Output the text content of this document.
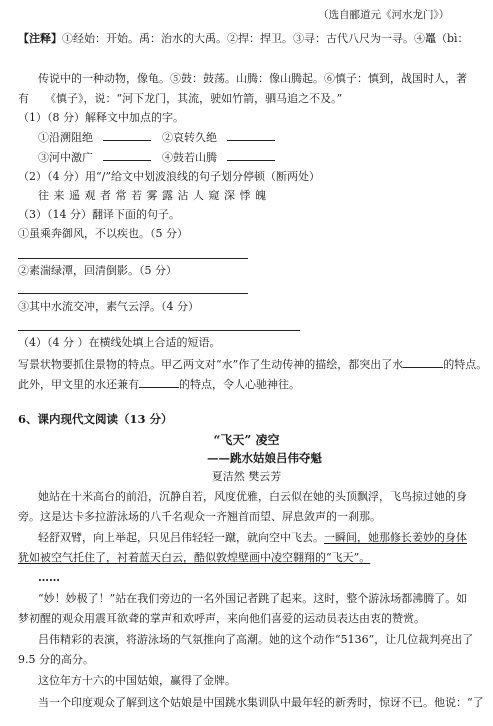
（选自郦道元《河水龙门》）
【注释】①经始：开始。禹：治水的大禹。②捍：捍卫。③寻：古代八尺为一寻。④鼉（bì：
传说中的一种动物，像龟。⑤鼓：鼓荡。山腾：像山腾起。⑥慎子：慎到，战国时人，著
有 《慎子》，说：“河下龙门，其流，驶如竹箭，驷马追之不及。”
（1）（8 分）解释文中加点的字。
①沿溯阻绝	②哀转久绝
③河中激广	④鼓若山腾
（2）（4 分）用“/”给文中划波浪线的句子划分停顿（断两处）
往 来 遥 观 者 常 若 雾 露 沾 人 窥 深 悸 魄
（3）（14 分）翻译下面的句子。
①虽乘奔御风，不以疾也。（5 分）
②素湍绿潭，回清倒影。（5 分）
③其中水流交冲，素气云浮。（4 分）
（4）（4 分 ）在横线处填上合适的短语。
写景状物要抓住景物的特点。甲乙两文对“水”作了生动传神的描绘，都突出了水	的特点。
此外，甲文里的水还兼有	的特点，令人心驰神往。
6、课内现代文阅读（13 分）
“飞天” 凌空
——跳水姑娘吕伟夺魁
夏洁然 樊云芳
她站在十米高台的前沿，沉静自若，风度优雅，白云似在她的头顶飘浮，飞鸟掠过她的身
旁。这是达卡多拉游泳场的八千名观众一齐翘首而望、屏息敛声的一刹那。
轻舒双臂，向上举起，只见吕伟轻轻一蹴，就向空中飞去。一瞬间，她那修长姜妙的身体
犹如被空气托住了，衬着蓝天白云，酷似敦煌壁画中凌空翱翔的“飞天”。
……
“妙！妙极了！”站在我们旁边的一名外国记者跳了起来。这时，整个游泳场都沸腾了。如
梦初醒的观众用震耳欲聋的掌声和欢呼声，来向他们喜爱的运动员表达由衷的赞赏。
吕伟精彩的表演，将游泳场的气氛推向了高潮。她的这个动作“5136”，让几位裁判亮出了
9.5 分的高分。
这位年方十六的中国姑娘，赢得了金牌。
当一个印度观众了解到这个姑娘是中国跳水集训队中最年轻的新秀时，惊讶不已。他说：“了
